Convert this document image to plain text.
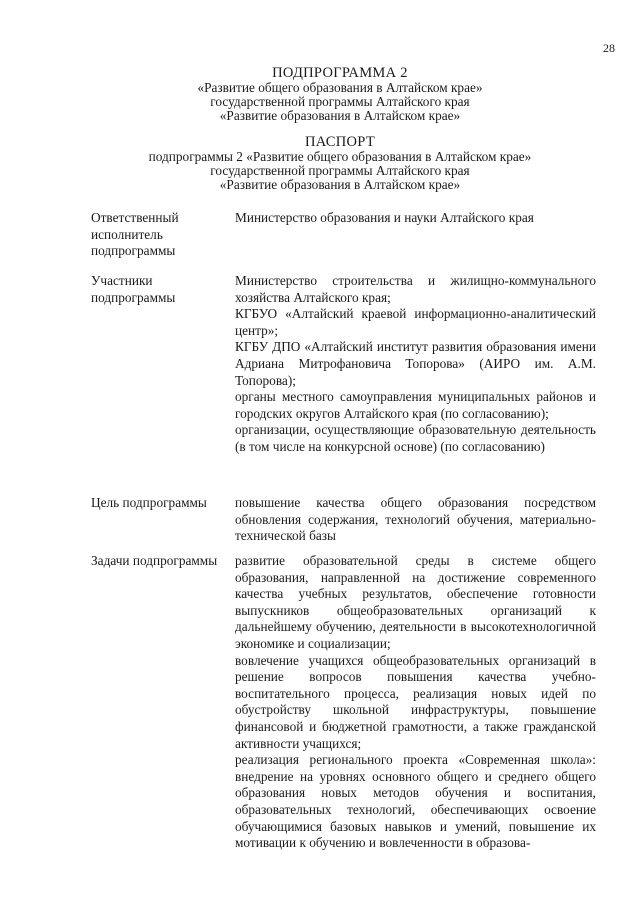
28
ПОДПРОГРАММА 2
«Развитие общего образования в Алтайском крае»
государственной программы Алтайского края
«Развитие образования в Алтайском крае»
ПАСПОРТ
подпрограммы 2 «Развитие общего образования в Алтайском крае»
государственной программы Алтайского края
«Развитие образования в Алтайском крае»
Ответственный исполнитель подпрограммы

Министерство образования и науки Алтайского края

Участники подпрограммы

Министерство строительства и жилищно-коммунального хозяйства Алтайского края;

КГБУО «Алтайский краевой информационно-аналитический центр»;

КГБУ ДПО «Алтайский институт развития образования имени Адриана Митрофановича Топорова» (АИРО им. А.М. Топорова);

органы местного самоуправления муниципальных районов и городских округов Алтайского края (по согласованию);

организации, осуществляющие образовательную деятельность (в том числе на конкурсной основе) (по согласованию)

Цель подпрограммы	повышение качества общего образования посредством обновления содержания, технологий обучения, материально-технической базы

Задачи подпрограммы развитие образовательной среды в системе общего образования, направленной на достижение современного качества учебных результатов, обеспечение готовности выпускников общеобразовательных организаций к дальнейшему обучению, деятельности в высокотехнологичной экономике и социализации;

вовлечение учащихся общеобразовательных организаций в решение вопросов повышения качества учебно-воспитательного процесса, реализация новых идей по обустройству школьной инфраструктуры, повышение финансовой и бюджетной грамотности, а также гражданской активности учащихся;

реализация регионального проекта «Современная школа»: внедрение на уровнях основного общего и среднего общего образования новых методов обучения и воспитания, образовательных технологий, обеспечивающих освоение обучающимися базовых навыков и умений, повышение их мотивации к обучению и вовлеченности в образова-
